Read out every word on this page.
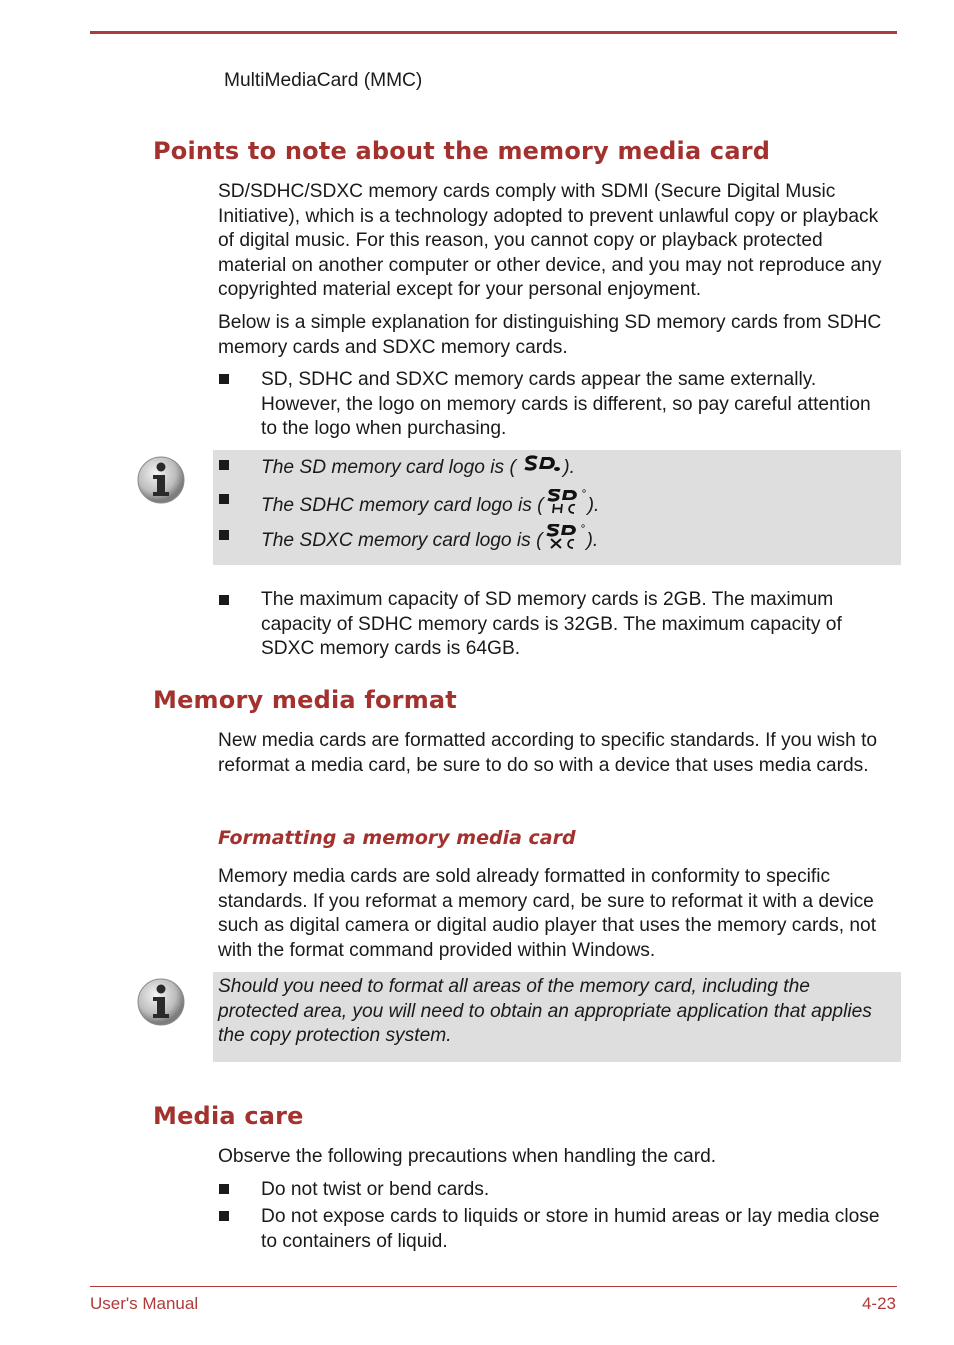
MultiMediaCard (MMC)
Points to note about the memory media card

SD/SDHC/SDXC memory cards comply with SDMI (Secure Digital Music Initiative), which is a technology adopted to prevent unlawful copy or playback of digital music. For this reason, you cannot copy or playback protected material on another computer or other device, and you may not reproduce any copyrighted material except for your personal enjoyment.

Below is a simple explanation for distinguishing SD memory cards from SDHC memory cards and SDXC memory cards.

SD, SDHC and SDXC memory cards appear the same externally. However, the logo on memory cards is different, so pay careful attention to the logo when purchasing.
The SD memory card logo is ( ).
The SDHC memory card logo is ( ).
The SDXC memory card logo is ( ).
The maximum capacity of SD memory cards is 2GB. The maximum capacity of SDHC memory cards is 32GB. The maximum capacity of SDXC memory cards is 64GB.
Memory media format

New media cards are formatted according to specific standards. If you wish to reformat a media card, be sure to do so with a device that uses media cards.

Formatting a memory media card

Memory media cards are sold already formatted in conformity to specific standards. If you reformat a memory card, be sure to reformat it with a device such as digital camera or digital audio player that uses the memory cards, not with the format command provided within Windows.

Should you need to format all areas of the memory card, including the protected area, you will need to obtain an appropriate application that applies the copy protection system.
Media care
Observe the following precautions when handling the card.
Do not twist or bend cards.
Do not expose cards to liquids or store in humid areas or lay media close to containers of liquid.
User's Manual	4-23
